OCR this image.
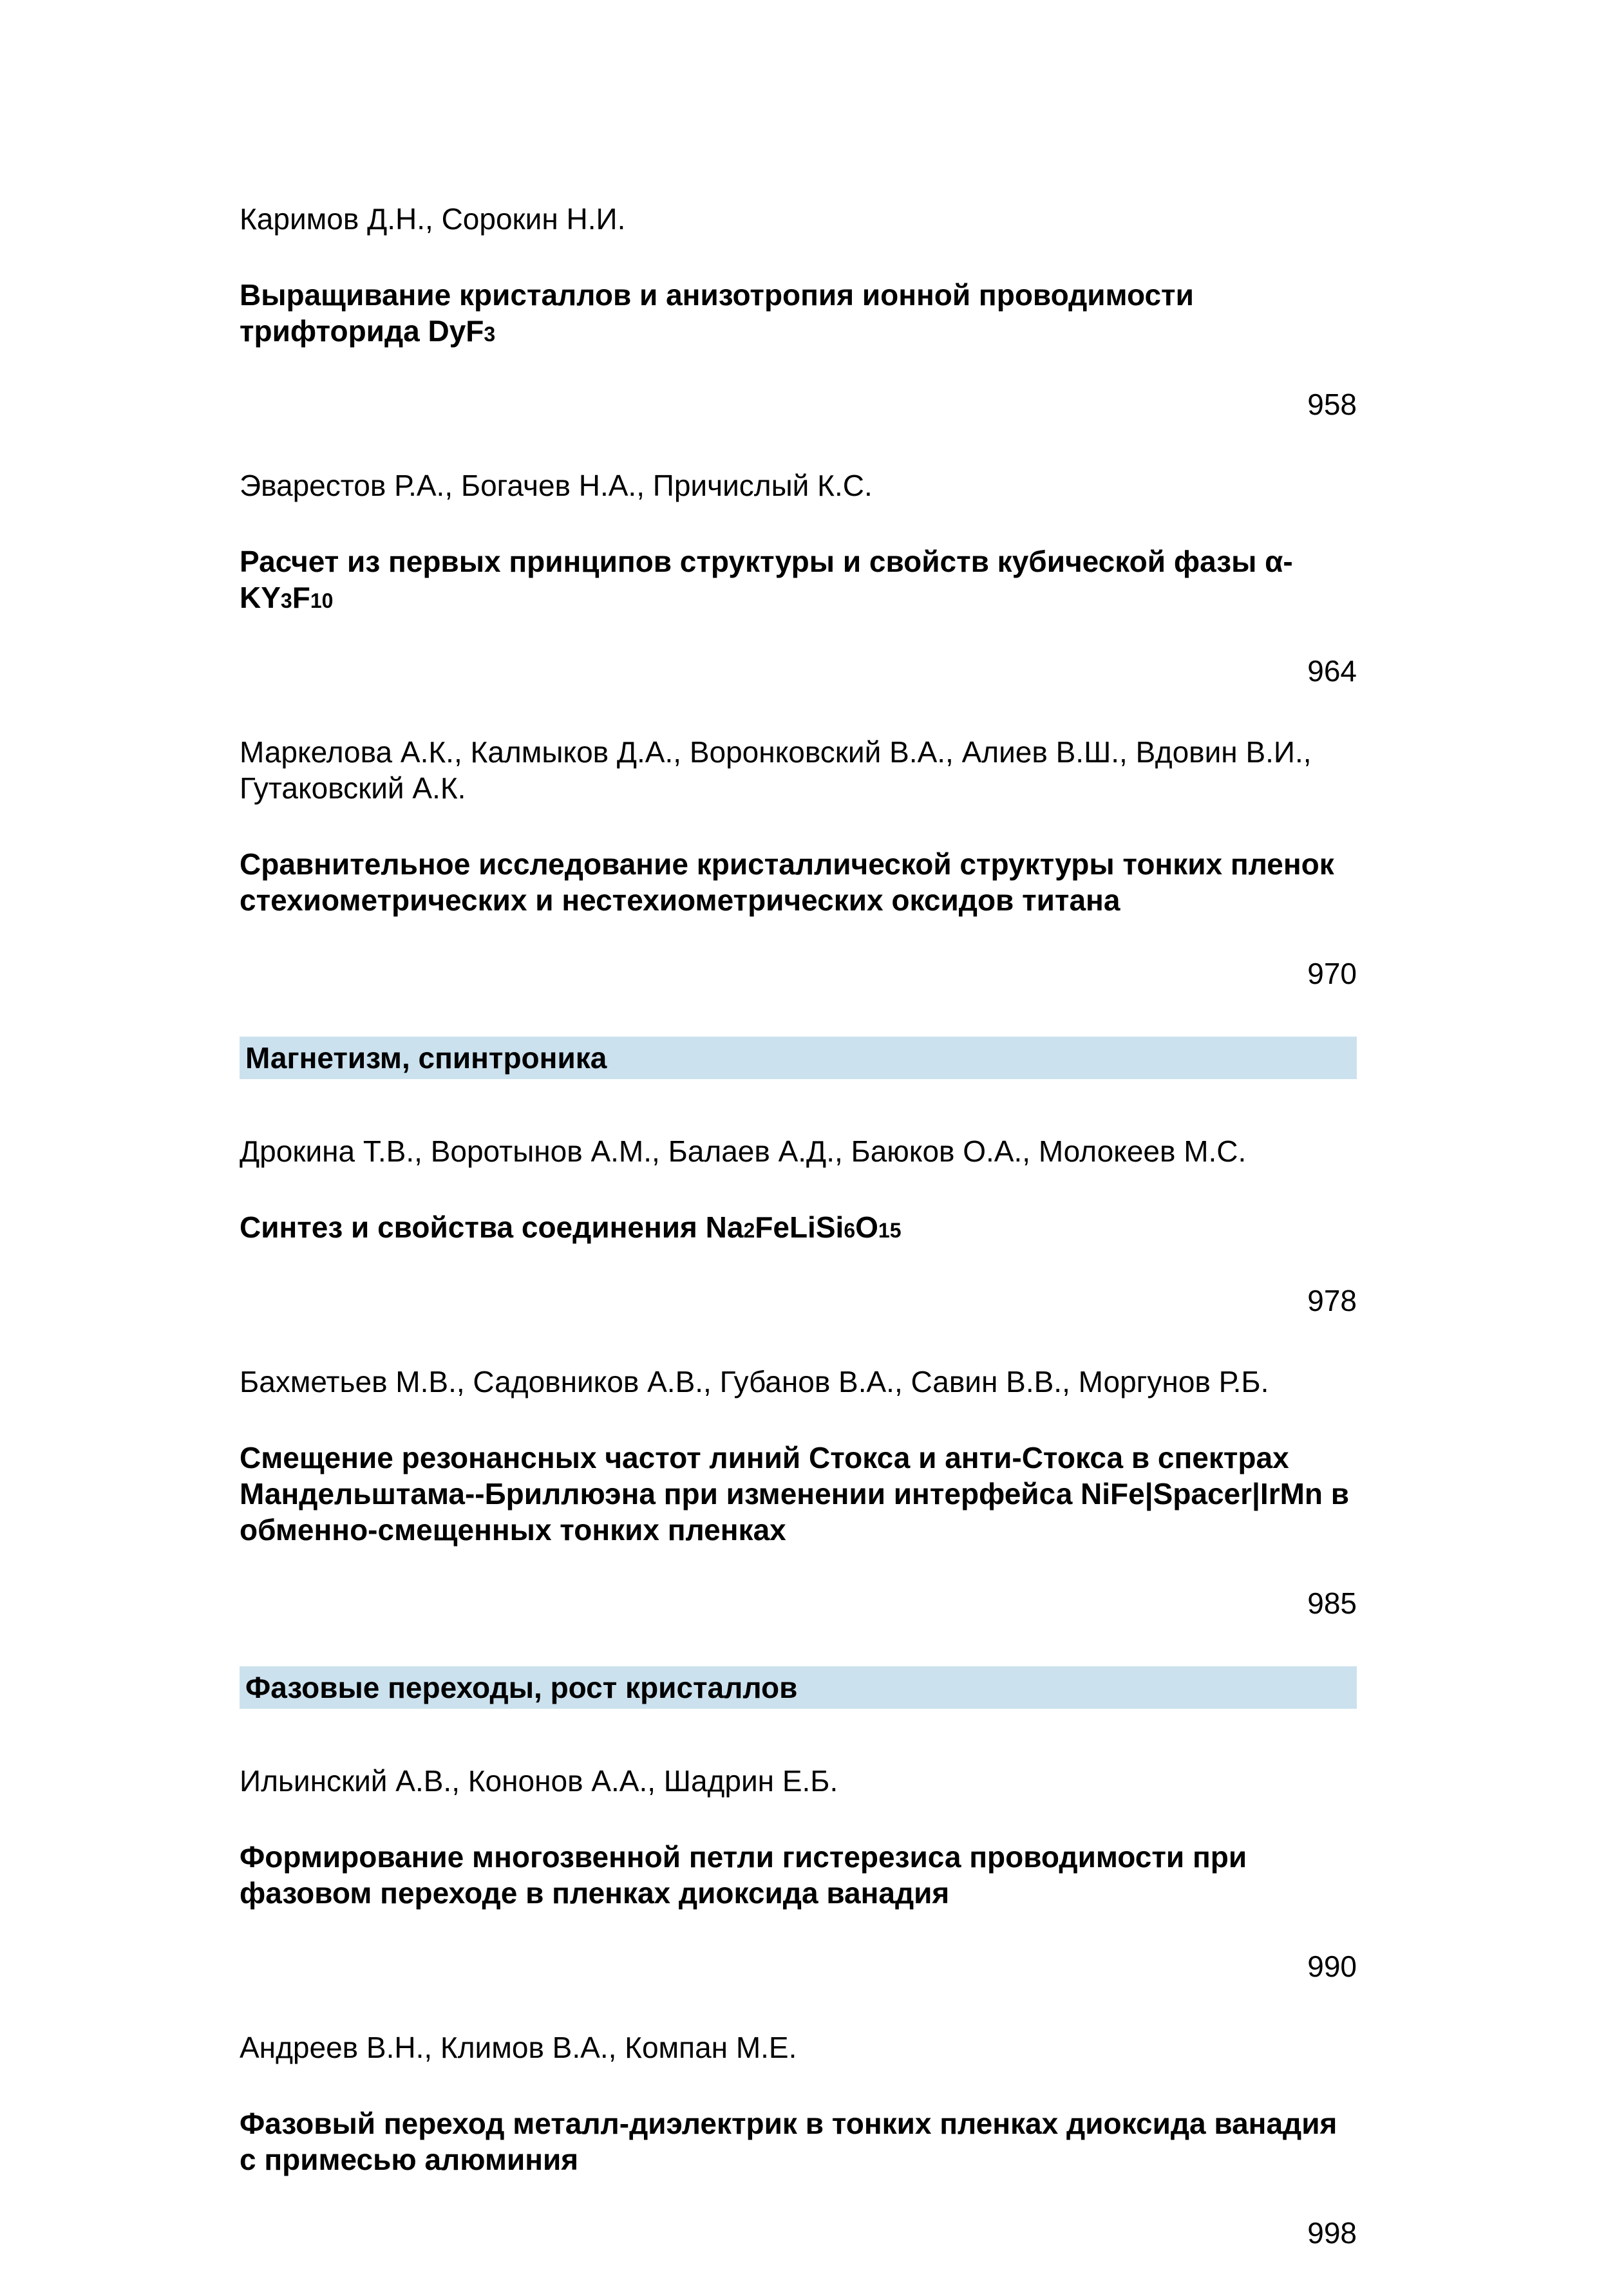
Каримов Д.Н., Сорокин Н.И.

Выращивание кристаллов и анизотропия ионной проводимости трифторида DyF3

958

Эварестов Р.А., Богачев Н.А., Причислый К.С.

Расчет из первых принципов структуры и свойств кубической фазы α-KY3F10

964

Маркелова А.К., Калмыков Д.А., Воронковский В.А., Алиев В.Ш., Вдовин В.И., Гутаковский А.К.

Сравнительное исследование кристаллической структуры тонких пленок стехиометрических и нестехиометрических оксидов титана

970

Магнетизм, спинтроника

Дрокина Т.В., Воротынов А.М., Балаев А.Д., Баюков О.А., Молокеев М.С.

Синтез и свойства соединения Na2FeLiSi6O15

978

Бахметьев М.В., Садовников А.В., Губанов В.А., Савин В.В., Моргунов Р.Б.

Смещение резонансных частот линий Стокса и анти-Стокса в спектрах Мандельштама--Бриллюэна при изменении интерфейса NiFe|Spacer|IrMn в обменно-смещенных тонких пленках

985

Фазовые переходы, рост кристаллов

Ильинский А.В., Кононов А.А., Шадрин Е.Б.

Формирование многозвенной петли гистерезиса проводимости при фазовом переходе в пленках диоксида ванадия

990

Андреев В.Н., Климов В.А., Компан М.Е.

Фазовый переход металл-диэлектрик в тонких пленках диоксида ванадия с примесью алюминия

998
